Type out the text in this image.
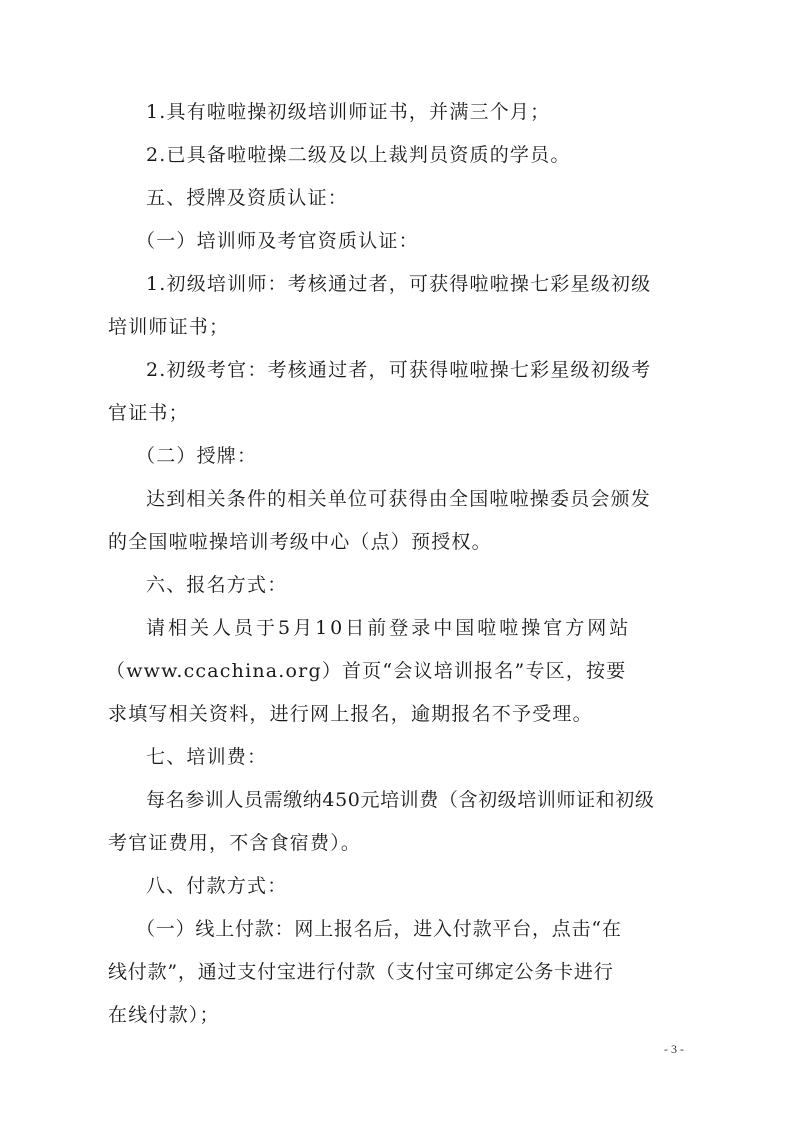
1.具有啦啦操初级培训师证书，并满三个月；
2.已具备啦啦操二级及以上裁判员资质的学员。
五、授牌及资质认证：
（一）培训师及考官资质认证：
1.初级培训师：考核通过者，可获得啦啦操七彩星级初级
培训师证书；
2.初级考官：考核通过者，可获得啦啦操七彩星级初级考
官证书；
（二）授牌：
达到相关条件的相关单位可获得由全国啦啦操委员会颁发
的全国啦啦操培训考级中心（点）预授权。
六、报名方式：
请相关人员于5月10日前登录中国啦啦操官方网站
（www.ccachina.org）首页“会议培训报名”专区，按要
求填写相关资料，进行网上报名，逾期报名不予受理。
七、培训费：
每名参训人员需缴纳450元培训费（含初级培训师证和初级
考官证费用，不含食宿费）。
八、付款方式：
（一）线上付款：网上报名后，进入付款平台，点击“在
线付款”，通过支付宝进行付款（支付宝可绑定公务卡进行
在线付款）；
- 3 -
